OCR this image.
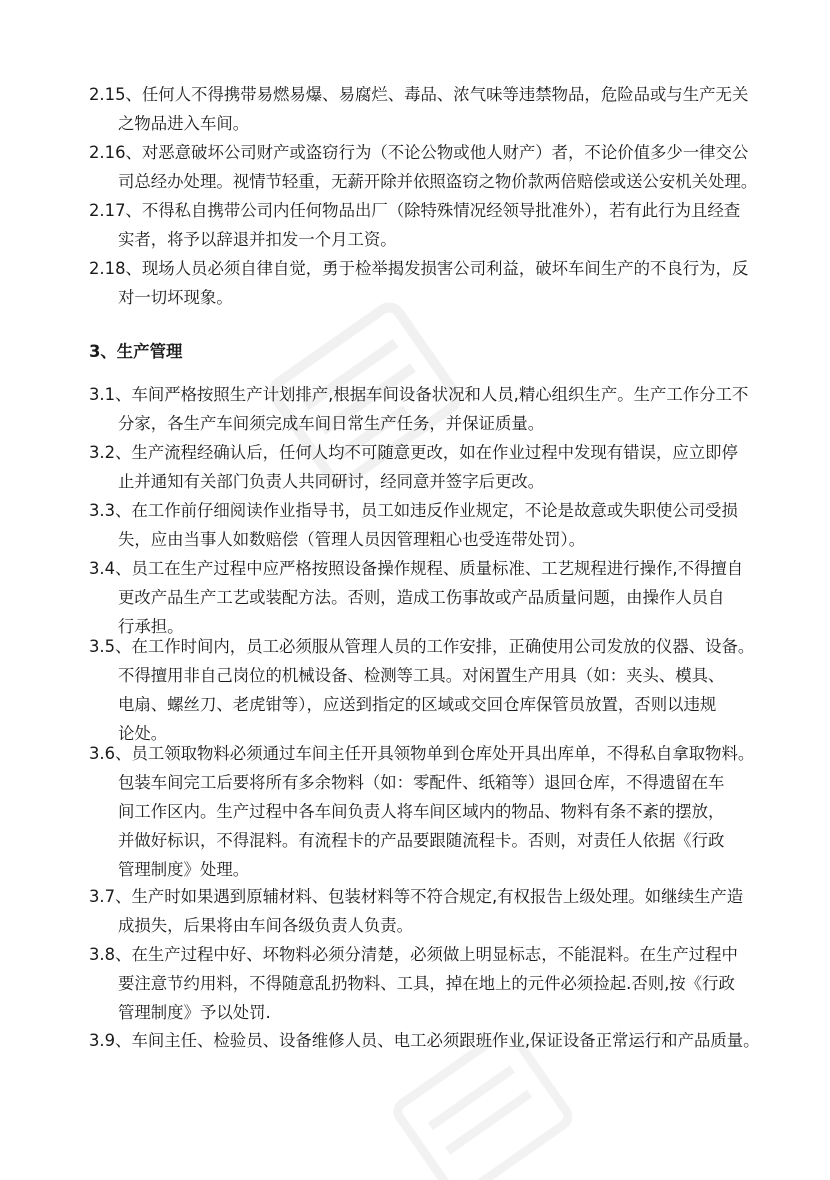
2.15、任何人不得携带易燃易爆、易腐烂、毒品、浓气味等违禁物品，危险品或与生产无关
之物品进入车间。
2.16、对恶意破坏公司财产或盗窃行为（不论公物或他人财产）者，不论价值多少一律交公
司总经办处理。视情节轻重，无薪开除并依照盗窃之物价款两倍赔偿或送公安机关处理。
2.17、不得私自携带公司内任何物品出厂（除特殊情况经领导批准外），若有此行为且经查
实者，将予以辞退并扣发一个月工资。
2.18、现场人员必须自律自觉，勇于检举揭发损害公司利益，破坏车间生产的不良行为，反
对一切坏现象。
3、生产管理
3.1、车间严格按照生产计划排产,根据车间设备状况和人员,精心组织生产。生产工作分工不
分家，各生产车间须完成车间日常生产任务，并保证质量。
3.2、生产流程经确认后，任何人均不可随意更改，如在作业过程中发现有错误，应立即停
止并通知有关部门负责人共同研讨，经同意并签字后更改。
3.3、在工作前仔细阅读作业指导书，员工如违反作业规定，不论是故意或失职使公司受损
失，应由当事人如数赔偿（管理人员因管理粗心也受连带处罚）。
3.4、员工在生产过程中应严格按照设备操作规程、质量标准、工艺规程进行操作,不得擅自
更改产品生产工艺或装配方法。否则，造成工伤事故或产品质量问题，由操作人员自
行承担。
3.5、在工作时间内，员工必须服从管理人员的工作安排，正确使用公司发放的仪器、设备。
不得擅用非自己岗位的机械设备、检测等工具。对闲置生产用具（如：夹头、模具、
电扇、螺丝刀、老虎钳等），应送到指定的区域或交回仓库保管员放置，否则以违规
论处。
3.6、员工领取物料必须通过车间主任开具领物单到仓库处开具出库单，不得私自拿取物料。
包装车间完工后要将所有多余物料（如：零配件、纸箱等）退回仓库，不得遗留在车
间工作区内。生产过程中各车间负责人将车间区域内的物品、物料有条不紊的摆放，
并做好标识，不得混料。有流程卡的产品要跟随流程卡。否则，对责任人依据《行政
管理制度》处理。
3.7、生产时如果遇到原辅材料、包装材料等不符合规定,有权报告上级处理。如继续生产造
成损失，后果将由车间各级负责人负责。
3.8、在生产过程中好、坏物料必须分清楚，必须做上明显标志，不能混料。在生产过程中
要注意节约用料，不得随意乱扔物料、工具，掉在地上的元件必须捡起.否则,按《行政
管理制度》予以处罚.
3.9、车间主任、检验员、设备维修人员、电工必须跟班作业,保证设备正常运行和产品质量。
